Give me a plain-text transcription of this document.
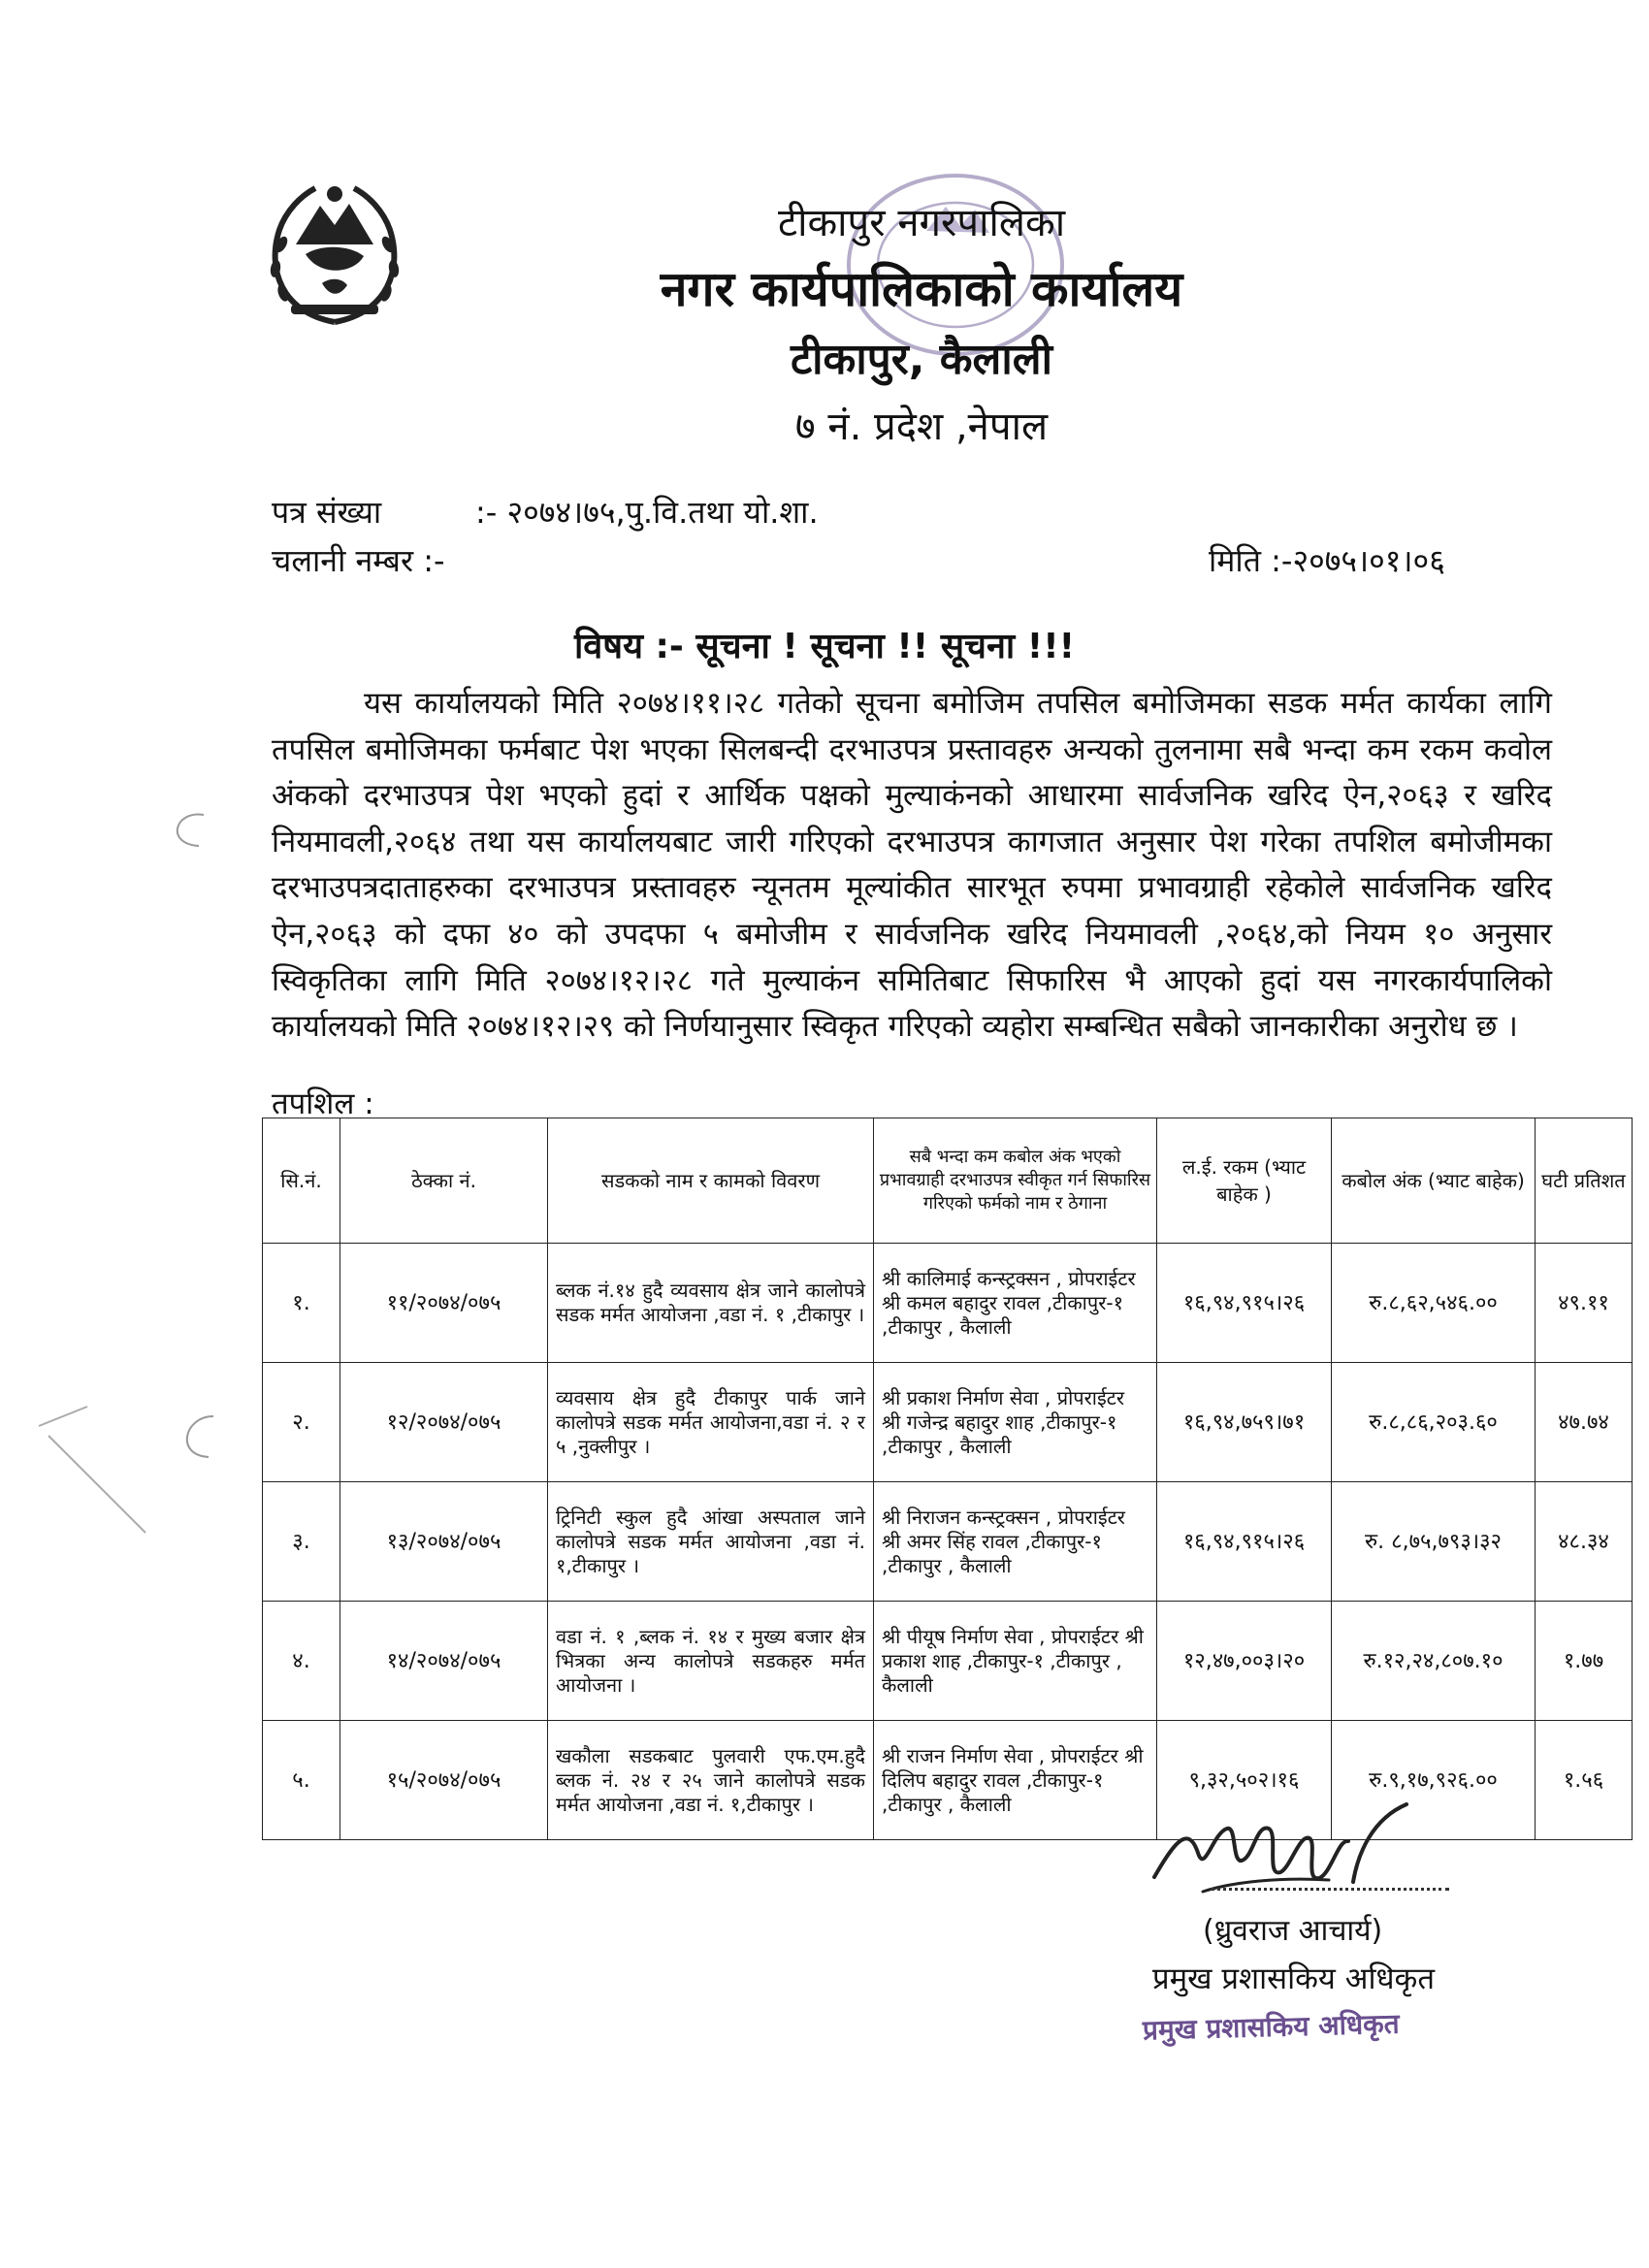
टीकापुर नगरपालिका
नगर कार्यपालिकाको कार्यालय
टीकापुर, कैलाली
७ नं. प्रदेश ,नेपाल
पत्र संख्या	:- २०७४।७५,पु.वि.तथा यो.शा.
चलानी नम्बर :-	मिति :-२०७५।०१।०६
विषय :- सूचना ! सूचना !! सूचना !!!
यस कार्यालयको मिति २०७४।११।२८ गतेको सूचना बमोजिम तपसिल बमोजिमका सडक मर्मत कार्यका लागि तपसिल बमोजिमका फर्मबाट पेश भएका सिलबन्दी दरभाउपत्र प्रस्तावहरु अन्यको तुलनामा सबै भन्दा कम रकम कवोल अंकको दरभाउपत्र पेश भएको हुदां र आर्थिक पक्षको मुल्याकंनको आधारमा सार्वजनिक खरिद ऐन,२०६३ र खरिद नियमावली,२०६४ तथा यस कार्यालयबाट जारी गरिएको दरभाउपत्र कागजात अनुसार पेश गरेका तपशिल बमोजीमका दरभाउपत्रदाताहरुका दरभाउपत्र प्रस्तावहरु न्यूनतम मूल्यांकीत सारभूत रुपमा प्रभावग्राही रहेकोले सार्वजनिक खरिद ऐन,२०६३ को दफा ४० को उपदफा ५ बमोजीम र सार्वजनिक खरिद नियमावली ,२०६४,को नियम १० अनुसार स्विकृतिका लागि मिति २०७४।१२।२८ गते मुल्याकंन समितिबाट सिफारिस भै आएको हुदां यस नगरकार्यपालिको कार्यालयको मिति २०७४।१२।२९ को निर्णयानुसार स्विकृत गरिएको व्यहोरा सम्बन्धित सबैको जानकारीका अनुरोध छ ।
तपशिल :
सि.नं.	ठेक्का नं.	सडकको नाम र कामको विवरण	सबै भन्दा कम कबोल अंक भएको प्रभावग्राही दरभाउपत्र स्वीकृत गर्न सिफारिस गरिएको फर्मको नाम र ठेगाना	ल.ई. रकम (भ्याट बाहेक )	कबोल अंक (भ्याट बाहेक)	घटी प्रतिशत
१.	११/२०७४/०७५	ब्लक नं.१४ हुदै व्यवसाय क्षेत्र जाने कालोपत्रे सडक मर्मत आयोजना ,वडा नं. १ ,टीकापुर ।	श्री कालिमाई कन्स्ट्रक्सन , प्रोपराईटर श्री कमल बहादुर रावल ,टीकापुर-१ ,टीकापुर , कैलाली	१६,९४,९१५।२६	रु.८,६२,५४६.००	४९.११
२.	१२/२०७४/०७५	व्यवसाय क्षेत्र हुदै टीकापुर पार्क जाने कालोपत्रे सडक मर्मत आयोजना,वडा नं. २ र ५ ,नुक्लीपुर ।	श्री प्रकाश निर्माण सेवा , प्रोपराईटर श्री गजेन्द्र बहादुर शाह ,टीकापुर-१ ,टीकापुर , कैलाली	१६,९४,७५९।७१	रु.८,८६,२०३.६०	४७.७४
३.	१३/२०७४/०७५	ट्रिनिटी स्कुल हुदै आंखा अस्पताल जाने कालोपत्रे सडक मर्मत आयोजना ,वडा नं. १,टीकापुर ।	श्री निराजन कन्स्ट्रक्सन , प्रोपराईटर श्री अमर सिंह रावल ,टीकापुर-१ ,टीकापुर , कैलाली	१६,९४,९१५।२६	रु. ८,७५,७९३।३२	४८.३४
४.	१४/२०७४/०७५	वडा नं. १ ,ब्लक नं. १४ र मुख्य बजार क्षेत्र भित्रका अन्य कालोपत्रे सडकहरु मर्मत आयोजना ।	श्री पीयूष निर्माण सेवा , प्रोपराईटर श्री प्रकाश शाह ,टीकापुर-१ ,टीकापुर , कैलाली	१२,४७,००३।२०	रु.१२,२४,८०७.१०	१.७७
५.	१५/२०७४/०७५	खकौला सडकबाट पुलवारी एफ.एम.हुदै ब्लक नं. २४ र २५ जाने कालोपत्रे सडक मर्मत आयोजना ,वडा नं. १,टीकापुर ।	श्री राजन निर्माण सेवा , प्रोपराईटर श्री दिलिप बहादुर रावल ,टीकापुर-१ ,टीकापुर , कैलाली	९,३२,५०२।१६	रु.९,१७,९२६.००	१.५६
(ध्रुवराज आचार्य)
प्रमुख प्रशासकिय अधिकृत
प्रमुख प्रशासकिय अधिकृत
